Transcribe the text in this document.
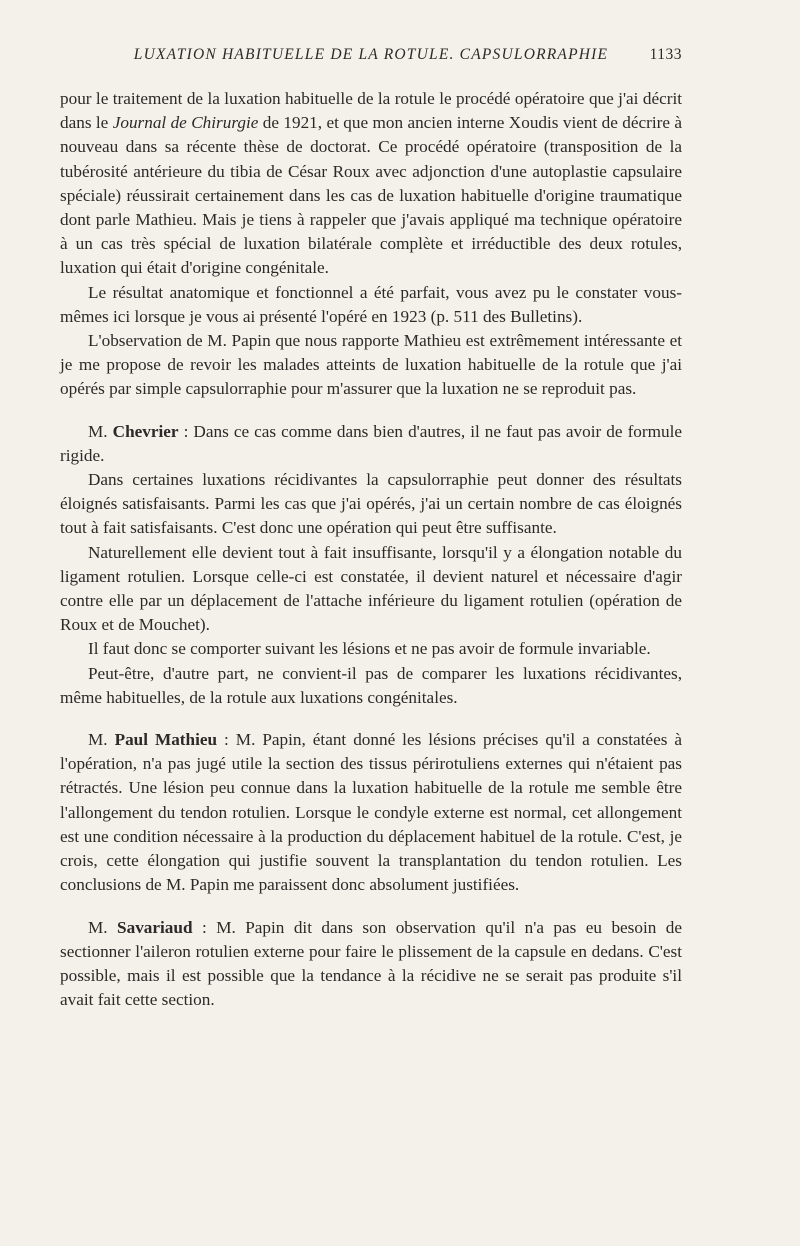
LUXATION HABITUELLE DE LA ROTULE. CAPSULORRAPHIE	1133

pour le traitement de la luxation habituelle de la rotule le procédé opératoire que j'ai décrit dans le Journal de Chirurgie de 1921, et que mon ancien interne Xoudis vient de décrire à nouveau dans sa récente thèse de doctorat. Ce procédé opératoire (transposition de la tubérosité antérieure du tibia de César Roux avec adjonction d'une autoplastie capsulaire spéciale) réussirait certainement dans les cas de luxation habituelle d'origine traumatique dont parle Mathieu. Mais je tiens à rappeler que j'avais appliqué ma technique opératoire à un cas très spécial de luxation bilatérale complète et irréductible des deux rotules, luxation qui était d'origine congénitale.

Le résultat anatomique et fonctionnel a été parfait, vous avez pu le constater vous-mêmes ici lorsque je vous ai présenté l'opéré en 1923 (p. 511 des Bulletins).

L'observation de M. Papin que nous rapporte Mathieu est extrêmement intéressante et je me propose de revoir les malades atteints de luxation habituelle de la rotule que j'ai opérés par simple capsulorraphie pour m'assurer que la luxation ne se reproduit pas.

M. Chevrier : Dans ce cas comme dans bien d'autres, il ne faut pas avoir de formule rigide.

Dans certaines luxations récidivantes la capsulorraphie peut donner des résultats éloignés satisfaisants. Parmi les cas que j'ai opérés, j'ai un certain nombre de cas éloignés tout à fait satisfaisants. C'est donc une opération qui peut être suffisante.

Naturellement elle devient tout à fait insuffisante, lorsqu'il y a élongation notable du ligament rotulien. Lorsque celle-ci est constatée, il devient naturel et nécessaire d'agir contre elle par un déplacement de l'attache inférieure du ligament rotulien (opération de Roux et de Mouchet).

Il faut donc se comporter suivant les lésions et ne pas avoir de formule invariable.

Peut-être, d'autre part, ne convient-il pas de comparer les luxations récidivantes, même habituelles, de la rotule aux luxations congénitales.

M. Paul Mathieu : M. Papin, étant donné les lésions précises qu'il a constatées à l'opération, n'a pas jugé utile la section des tissus périrotuliens externes qui n'étaient pas rétractés. Une lésion peu connue dans la luxation habituelle de la rotule me semble être l'allongement du tendon rotulien. Lorsque le condyle externe est normal, cet allongement est une condition nécessaire à la production du déplacement habituel de la rotule. C'est, je crois, cette élongation qui justifie souvent la transplantation du tendon rotulien. Les conclusions de M. Papin me paraissent donc absolument justifiées.

M. Savariaud : M. Papin dit dans son observation qu'il n'a pas eu besoin de sectionner l'aileron rotulien externe pour faire le plissement de la capsule en dedans. C'est possible, mais il est possible que la tendance à la récidive ne se serait pas produite s'il avait fait cette section.
